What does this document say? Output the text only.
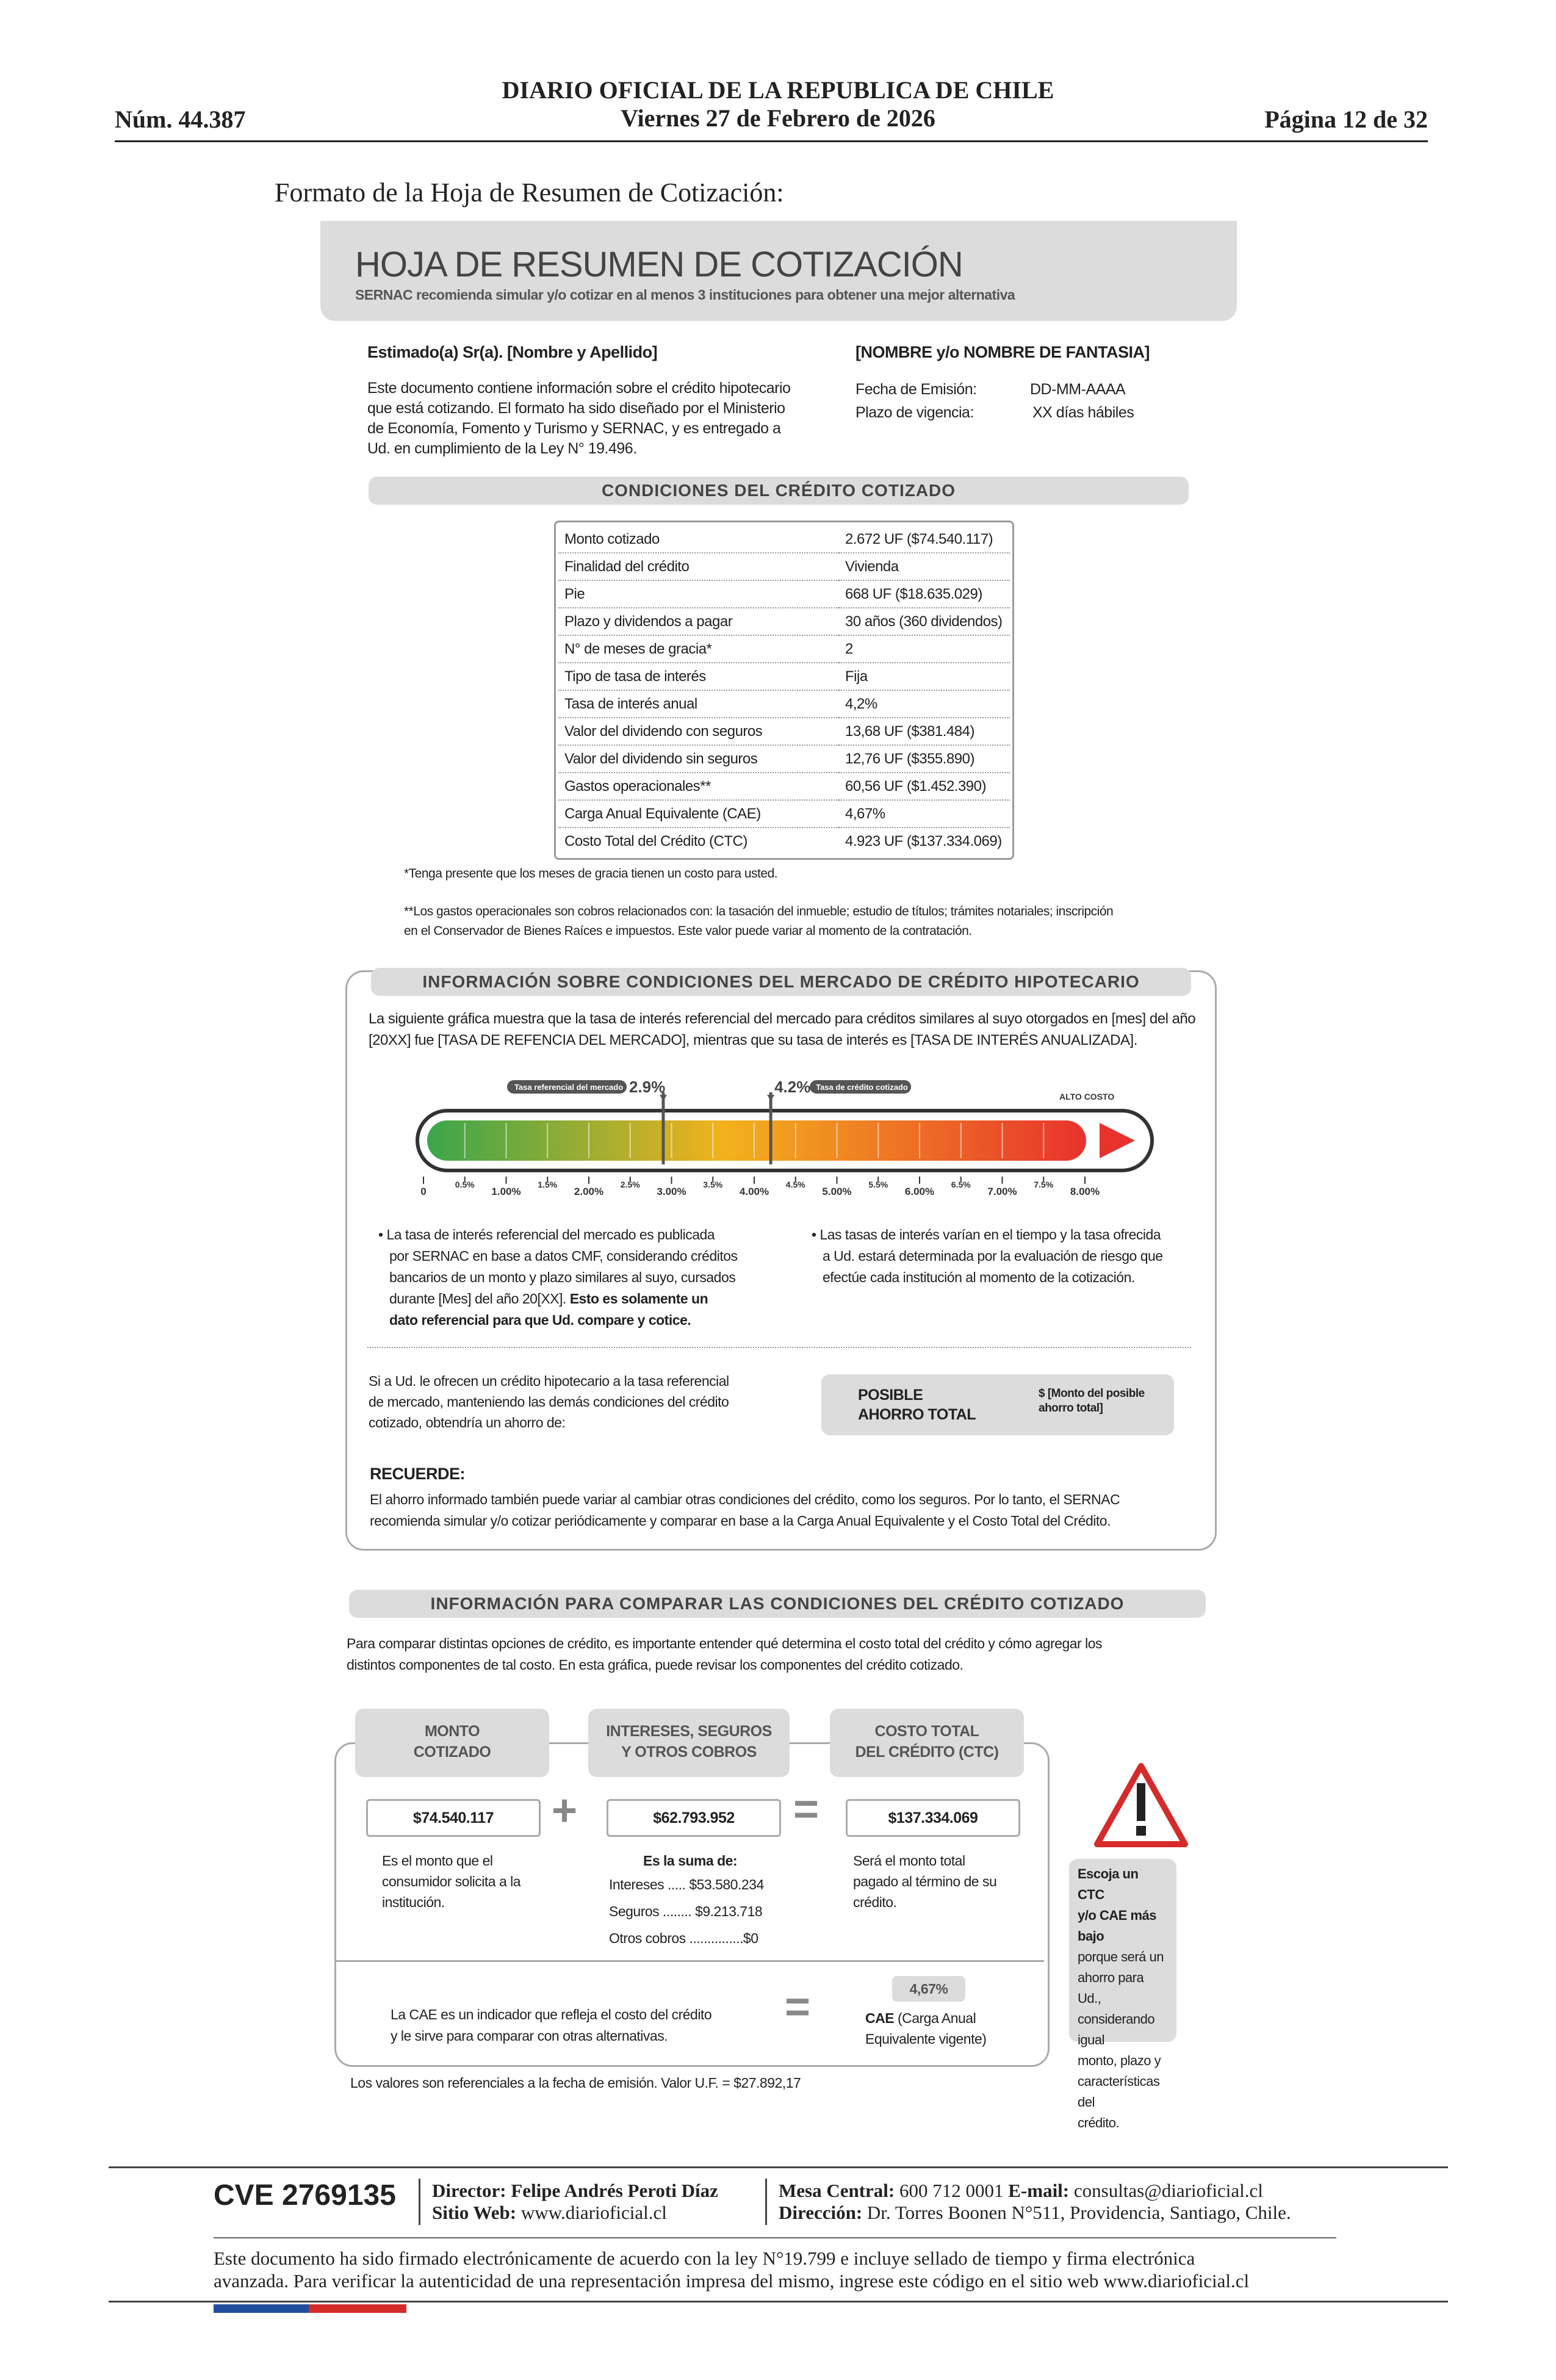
DIARIO OFICIAL DE LA REPUBLICA DE CHILE
Núm. 44.387	Viernes 27 de Febrero de 2026	Página 12 de 32
Formato de la Hoja de Resumen de Cotización:
HOJA DE RESUMEN DE COTIZACIÓN
SERNAC recomienda simular y/o cotizar en al menos 3 instituciones para obtener una mejor alternativa
Estimado(a) Sr(a). [Nombre y Apellido]
Este documento contiene información sobre el crédito hipotecario
que está cotizando. El formato ha sido diseñado por el Ministerio
de Economía, Fomento y Turismo y SERNAC, y es entregado a
Ud. en cumplimiento de la Ley N° 19.496.
[NOMBRE y/o NOMBRE DE FANTASIA]
Fecha de Emisión:	DD-MM-AAAA
Plazo de vigencia:	XX días hábiles
CONDICIONES DEL CRÉDITO COTIZADO
Monto cotizado	2.672 UF ($74.540.117)
Finalidad del crédito	Vivienda
Pie	668 UF ($18.635.029)
Plazo y dividendos a pagar	30 años (360 dividendos)
N° de meses de gracia*	2
Tipo de tasa de interés	Fija
Tasa de interés anual	4,2%
Valor del dividendo con seguros	13,68 UF ($381.484)
Valor del dividendo sin seguros	12,76 UF ($355.890)
Gastos operacionales**	60,56 UF ($1.452.390)
Carga Anual Equivalente (CAE)	4,67%
Costo Total del Crédito (CTC)	4.923 UF ($137.334.069)
*Tenga presente que los meses de gracia tienen un costo para usted.
**Los gastos operacionales son cobros relacionados con: la tasación del inmueble; estudio de títulos; trámites notariales; inscripción
en el Conservador de Bienes Raíces e impuestos. Este valor puede variar al momento de la contratación.
INFORMACIÓN SOBRE CONDICIONES DEL MERCADO DE CRÉDITO HIPOTECARIO
La siguiente gráfica muestra que la tasa de interés referencial del mercado para créditos similares al suyo otorgados en [mes] del año
[20XX] fue [TASA DE REFENCIA DEL MERCADO], mientras que su tasa de interés es [TASA DE INTERÉS ANUALIZADA].
Tasa referencial del mercado 2.9%	Tasa de crédito cotizado
4.2%
0
0.5%
1.00%
1.5%
2.00%
2.5%
3.00%
3.5%
4.00%
4.5%
5.00%
5.5%
6.00%
6.5%
7.00%
7.5%
8.00%
ALTO COSTO
• La tasa de interés referencial del mercado es publicada
por SERNAC en base a datos CMF, considerando créditos
bancarios de un monto y plazo similares al suyo, cursados
durante [Mes] del año 20[XX]. Esto es solamente un
dato referencial para que Ud. compare y cotice.
• Las tasas de interés varían en el tiempo y la tasa ofrecida
a Ud. estará determinada por la evaluación de riesgo que
efectúe cada institución al momento de la cotización.
Si a Ud. le ofrecen un crédito hipotecario a la tasa referencial
de mercado, manteniendo las demás condiciones del crédito
cotizado, obtendría un ahorro de:
POSIBLE
AHORRO TOTAL
$ [Monto del posible
ahorro total]
RECUERDE:
El ahorro informado también puede variar al cambiar otras condiciones del crédito, como los seguros. Por lo tanto, el SERNAC
recomienda simular y/o cotizar periódicamente y comparar en base a la Carga Anual Equivalente y el Costo Total del Crédito.
INFORMACIÓN PARA COMPARAR LAS CONDICIONES DEL CRÉDITO COTIZADO
Para comparar distintas opciones de crédito, es importante entender qué determina el costo total del crédito y cómo agregar los
distintos componentes de tal costo. En esta gráfica, puede revisar los componentes del crédito cotizado.
MONTO
COTIZADO
INTERESES, SEGUROS
Y OTROS COBROS
COSTO TOTAL
DEL CRÉDITO (CTC)
$74.540.117	+	$62.793.952	=	$137.334.069
Es el monto que el
consumidor solicita a la
institución.
Es la suma de:
Intereses ..... $53.580.234
Seguros ........ $9.213.718
Otros cobros ...............$0
Será el monto total
pagado al término de su
crédito.
La CAE es un indicador que refleja el costo del crédito
y le sirve para comparar con otras alternativas.
=	4,67%
CAE (Carga Anual
Equivalente vigente)
Escoja un CTC
y/o CAE más bajo
porque será un
ahorro para Ud.,
considerando igual
monto, plazo y
características del
crédito.
Los valores son referenciales a la fecha de emisión. Valor U.F. = $27.892,17
CVE 2769135 Director: Felipe Andrés Peroti Díaz
Sitio Web: www.diarioficial.cl
Mesa Central: 600 712 0001 E-mail: consultas@diarioficial.cl
Dirección: Dr. Torres Boonen N°511, Providencia, Santiago, Chile.
Este documento ha sido firmado electrónicamente de acuerdo con la ley N°19.799 e incluye sellado de tiempo y firma electrónica
avanzada. Para verificar la autenticidad de una representación impresa del mismo, ingrese este código en el sitio web www.diarioficial.cl
